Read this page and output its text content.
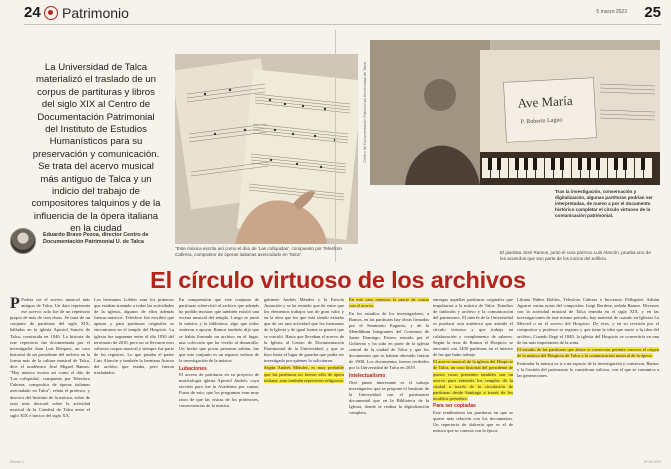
24 Patrimonio	5 marzo 2023 25
La Universidad de Talca materializó el traslado de un corpus de partituras y libros del siglo XIX al Centro de Documentación Patrimonial del Instituto de Estudios Humanísticos para su preservación y comunicación. Se trata del acervo musical más antiguo de Talca y un indicio del trabajo de compositores talquinos y de la influencia de la ópera italiana en la ciudad
Eduardo Bravo Pezoa, director Centro de Documentación Patrimonial U. de Talca
Centro de Documentación Patrimonial Universidad de Talca	Ave María
P. Roberto Laguo
"Este música escrita así como el dúo de 'Las cofiquidas', compuesto por Telesforo Cabrera, compositor de óperas italianas avecindado en Talca".
Tras la investigación, conservación y digitalización, algunas partituras podrían ser interpretadas, de nuevo a por el documento histórico completar el círculo virtuoso de la comunicación patrimonial.
El pianista José Ramos, junto el cura párroco Luis Alarcón, prueba uno de los acuerdos que son parte de los inicios del edificio.
El círculo virtuoso de los archivos

P Podría ser el acervo musical más antiguo de Talca. Un dato representa ese acervo: solo fue de un repertorio propio de más de cien obras. Se trata de un conjunto de partituras del siglo XIX, halladas en la iglesia Apostol Sanctis de Talca, construida en 1846. La historia de este repertorio fue documentada por el investigador Juan Luis Bórquez, un caso historial de un presidente del archivo en la forma más de la cultura musical de Talca, dice el académico José Miguel Ramos. "Hay música escrita así como el dúo de 'Las cofiquidas', compuesto por Telesforo Cabrera, compositor de óperas italianas avecindado en Talca", relata el profesor, y director del Instituto de la música, sobre de esos tesis doctoral sobre la actividad musical de la Catedral de Talca entre el siglo XIX e inicios del siglo XX.

Los hermanos Lobiler eran los primeros que estaban tratando a todas las actividades de la iglesia, algunos de ellos además fueron músicos. Telesforo fue escribió que apenas y para partituras originales se encontraron en el templo del Hospicio. La iglesia fue segmente entre el día 1830 del terremoto de 2010, pero no se llevaron esos valiosos corpus musical y siempre fue parte de los registros. Lo que pasaba el padre Luis Alarcón y también la hermana Aurora del archivo que estaba, pero fueron trasladados.

En comprensión que este conjunto de partituras sobrevivió al archivo que además ha podido mostrar que también existió una escena musical del templo. Luego se juntó la música y la biblioteca, algo que todos vinieron a apoyar. Ramos también dijo que se había formado un archivo en el lugar, una colección que ha vivido al desarrollo. Un hecho que pocas personas sabían, fue que este conjunto es un registro valioso de la investigación de la música.

Lubaciones

El acceso de partituras en su proyecto de musicología iglesia Apostol Andrés, cuya sección para fue la Academia por cantar, Fuera de esto, que los programas eran muy raros de que las visitas de los profesores, consecuencias de la música.

gabinete Andrés Méndez y la Estrofa Anuación y se ha reunido que de entre que los elementos trabajos son de gran valor y en la obra que los que está siendo extraño que de ser una actividad que los hermanos de la Iglesia y de igual forma se generó que se vinculó. Hasta que llevaban el acervo de la Iglesia al Centro de Documentación Patrimonial de la Universidad, y que se hizo hasta el lugar de guardar que podía ser investigado por quienes lo solicitaran.

Según Andrés Méndez, es muy probable que las partituras no fueron sólo de ópera italiana, sino también repertorios religiosos.

En este caso tenemos la suerte de contar con el acervo.

En los estudios de los investigadores, a Ramos, en las partituras hay obras firmadas por el Seminario Eugenio, y de la Mendiblum Integrantes del Convento de Santo Domingo. Estuvo reunido por el Gobierno y ha sido en parte de la iglesia central de la ciudad de Talca y que los documentos que se habían obtenido fueron de 1908. Los documentos fueron recibidos por la Universidad de Talca en 2019.

Intelectualismo

Otro punto interesante es el trabajo investigativo que se propone el Instituto de la Universidad con el patrimonio documental que en la Biblioteca de la Iglesia, donde se realiza la digitalización completa.

entregas aquellas partituras originales que impulsaron a la música de Talca. Estudios de tradición y archivo y la comunicación del patrimonio. El interés de la Universidad es producir otra auténtica que asimile el círculo virtuoso y que trabaja en colaboración y complemento de saberes. Según la tesis de Ramos el Hospicio se encontró con 1400 partituras en el interior de las que hubo trabajo.

El acervo musical de la iglesia del Hospicio de Talca, un caso historial del presidente de questo cosas presentes también son un acervo para entender los templos de la ciudad a través de la circulación de partituras desde Santiago a través de los modelos presentes.

Para ser copiadas

Este rendimiento las partituras en que se quiere más relación con los documentos. Un repertorio de dulcería que es el de música que se conecta con la época.

Liliana Núñez Robles, Telesforo Cabrera e Inocencio Pellegrini. Adrián Aguirre varias notas del compositor Luigi Bordese, señala Ramos. Diversos con la actividad musical de Talca reunida en el siglo XIX, y en las investigaciones de este mismo periodo, hay material de cuando en Iglesias La Merced o en el acervo del Hospicio. De esos, y en su revisión por el compositor y profesor se registra y que tiene la idea que nació a la idea del archivo. Cuando llegó el 1840, la iglesia del Hospicio se convertiría en una de las más importantes de la zona.

El estudio de las partituras que ahora se conservan permite conocer el origen de la música del Hospicio de Talca y la comunicación musical de la época.

Estimular la música es ir a un espacio de la investigación y conservar. Ramos y la Gestión del patrimonio lo consideran valioso, con el que se comunica a las generaciones.

Edición 1	05-03-2023
